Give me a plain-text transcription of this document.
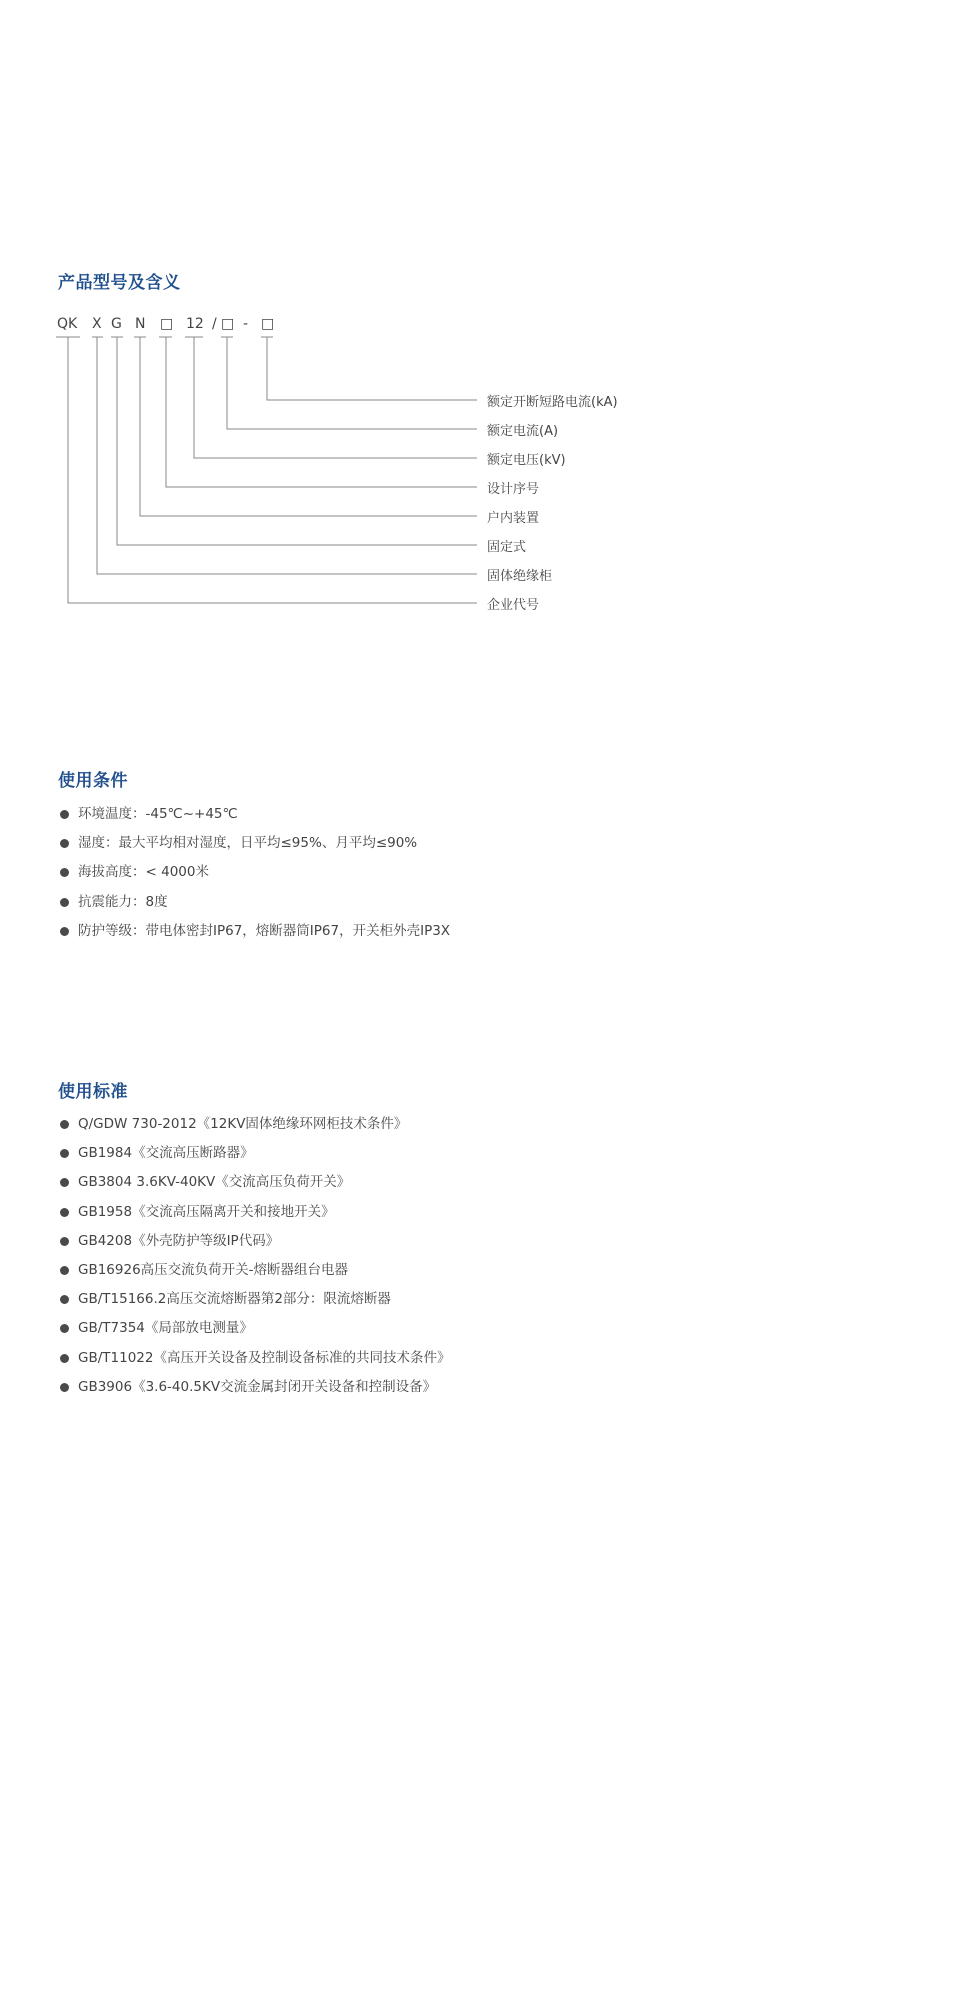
产品型号及含义
QK X G N □ 12 / □ - □
额定开断短路电流(kA)
额定电流(A)
额定电压(kV)
设计序号
户内装置
固定式
固体绝缘柜
企业代号
使用条件
环境温度：-45℃~+45℃
湿度：最大平均相对湿度，日平均≤95%、月平均≤90%
海拔高度：< 4000米
抗震能力：8度
防护等级：带电体密封IP67，熔断器筒IP67，开关柜外壳IP3X
使用标准
Q/GDW 730-2012《12KV固体绝缘环网柜技术条件》
GB1984《交流高压断路器》
GB3804 3.6KV-40KV《交流高压负荷开关》
GB1958《交流高压隔离开关和接地开关》
GB4208《外壳防护等级IP代码》
GB16926高压交流负荷开关-熔断器组台电器
GB/T15166.2高压交流熔断器第2部分：限流熔断器
GB/T7354《局部放电测量》
GB/T11022《高压开关设备及控制设备标准的共同技术条件》
GB3906《3.6-40.5KV交流金属封闭开关设备和控制设备》
